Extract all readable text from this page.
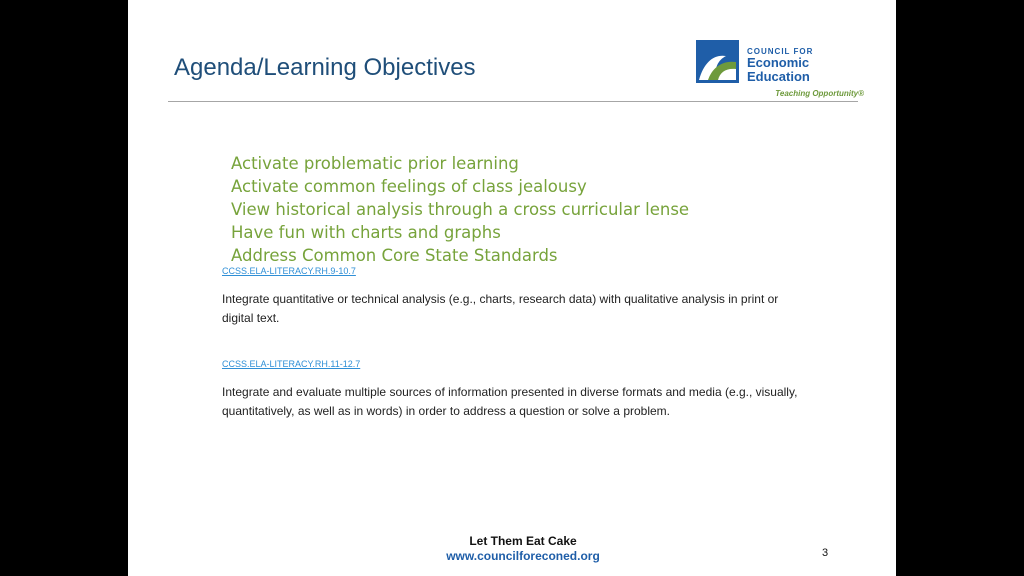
Agenda/Learning Objectives
COUNCIL FOR
Economic
Education
Teaching Opportunity®
Activate problematic prior learning
Activate common feelings of class jealousy
View historical analysis through a cross curricular lense
Have fun with charts and graphs
Address Common Core State Standards
CCSS.ELA-LITERACY.RH.9-10.7

Integrate quantitative or technical analysis (e.g., charts, research data) with qualitative analysis in print or digital text.

CCSS.ELA-LITERACY.RH.11-12.7

Integrate and evaluate multiple sources of information presented in diverse formats and media (e.g., visually, quantitatively, as well as in words) in order to address a question or solve a problem.

Let Them Eat Cake
www.councilforeconed.org	3
